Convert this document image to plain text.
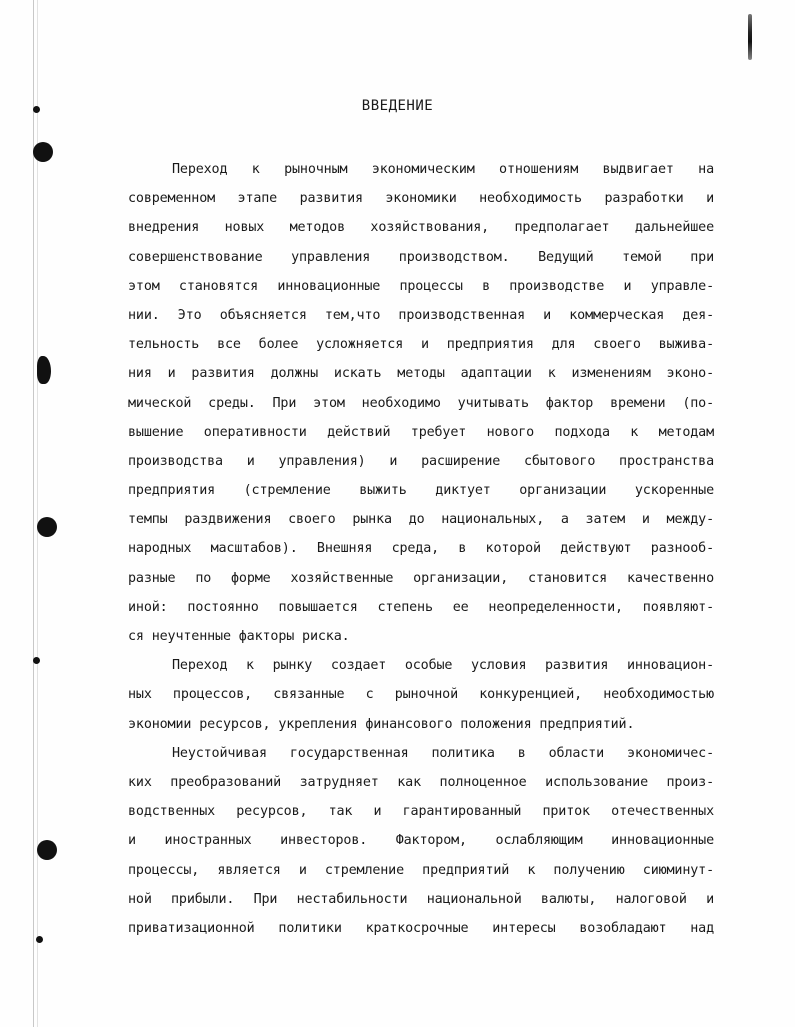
ВВЕДЕНИЕ
Переход к рыночным экономическим отношениям выдвигает на
современном этапе развития экономики необходимость разработки и
внедрения новых методов хозяйствования, предполагает дальнейшее
совершенствование управления производством. Ведущий темой при
этом становятся инновационные процессы в производстве и управле-
нии. Это объясняется тем,что производственная и коммерческая дея-
тельность все более усложняется и предприятия для своего выжива-
ния и развития должны искать методы адаптации к изменениям эконо-
мической среды. При этом необходимо учитывать фактор времени (по-
вышение оперативности действий требует нового подхода к методам
производства и управления) и расширение сбытового пространства
предприятия (стремление выжить диктует организации ускоренные
темпы раздвижения своего рынка до национальных, а затем и между-
народных масштабов). Внешняя среда, в которой действуют разнооб-
разные по форме хозяйственные организации, становится качественно
иной: постоянно повышается степень ее неопределенности, появляют-
ся неучтенные факторы риска.
Переход к рынку создает особые условия развития инновацион-
ных процессов, связанные с рыночной конкуренцией, необходимостью
экономии ресурсов, укрепления финансового положения предприятий.
Неустойчивая государственная политика в области экономичес-
ких преобразований затрудняет как полноценное использование произ-
водственных ресурсов, так и гарантированный приток отечественных
и иностранных инвесторов. Фактором, ослабляющим инновационные
процессы, является и стремление предприятий к получению сиюминут-
ной прибыли. При нестабильности национальной валюты, налоговой и
приватизационной политики краткосрочные интересы возобладают над
